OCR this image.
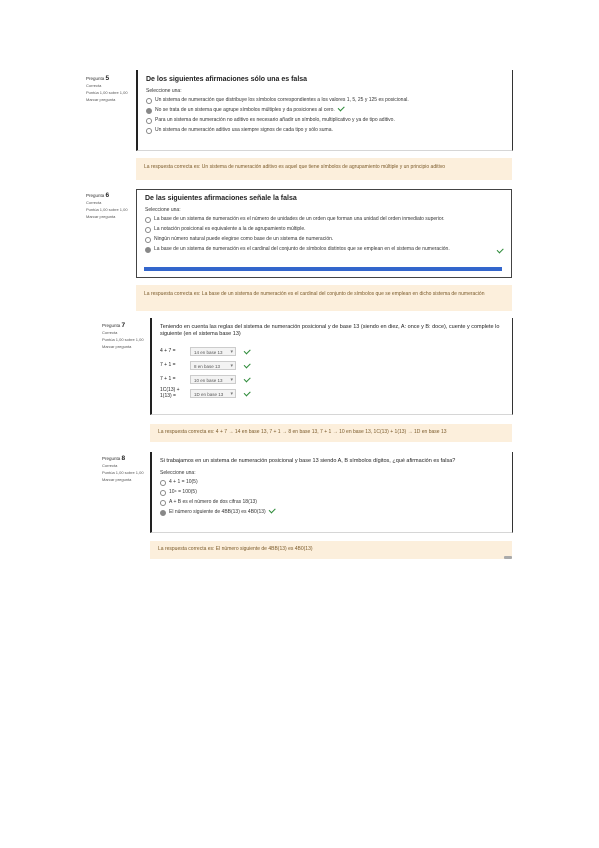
Pregunta 5
Correcta
Puntúa 1,00 sobre 1,00
Marcar pregunta
De los siguientes afirmaciones sólo una es falsa
Seleccione una:
Un sistema de numeración que distribuye los símbolos correspondientes a los valores 1, 5, 25 y 125 es posicional.
No se trata de un sistema que agrupe símbolos múltiples y da posiciones al cero.
Para un sistema de numeración no aditivo es necesario añadir un símbolo, multiplicativo y ya de tipo aditivo.
Un sistema de numeración aditivo usa siempre signos de cada tipo y sólo suma.
La respuesta correcta es: Un sistema de numeración aditivo es aquel que tiene símbolos de agrupamiento múltiple y un principio aditivo
Pregunta 6
Correcta
Puntúa 1,00 sobre 1,00
Marcar pregunta
De las siguientes afirmaciones señale la falsa
Seleccione una:
La base de un sistema de numeración es el número de unidades de un orden que forman una unidad del orden inmediato superior.
La notación posicional es equivalente a la de agrupamiento múltiple.
Ningún número natural puede elegirse como base de un sistema de numeración.
La base de un sistema de numeración es el cardinal del conjunto de símbolos distintos que se emplean en el sistema de numeración.
La respuesta correcta es: La base de un sistema de numeración es el cardinal del conjunto de símbolos que se emplean en dicho sistema de numeración
Pregunta 7
Correcta
Puntúa 1,00 sobre 1,00
Marcar pregunta
Teniendo en cuenta las reglas del sistema de numeración posicional y de base 13 (siendo en diez, A: once y B: doce), cuente y complete lo siguiente (en el sistema base 13)
4 + 7 =	14 en base 13 ▾
7 + 1 =	8 en base 13 ▾
7 + 1 =	10 en base 13 ▾
1C(13) + 1(13) =	1D en base 13 ▾
La respuesta correcta es: 4 + 7 → 14 en base 13, 7 + 1 → 8 en base 13, 7 + 1 → 10 en base 13, 1C(13) + 1(13) → 1D en base 13
Pregunta 8
Correcta
Puntúa 1,00 sobre 1,00
Marcar pregunta
Si trabajamos en un sistema de numeración posicional y base 13 siendo A, B símbolos dígitos, ¿qué afirmación es falsa?
Seleccione una:
4 + 1 = 10(5)
10⁴ = 100(5)
A + B es el número de dos cifras 18(13)
El número siguiente de 4BB(13) es 4B0(13)
La respuesta correcta es: El número siguiente de 4BB(13) es 4B0(13)
